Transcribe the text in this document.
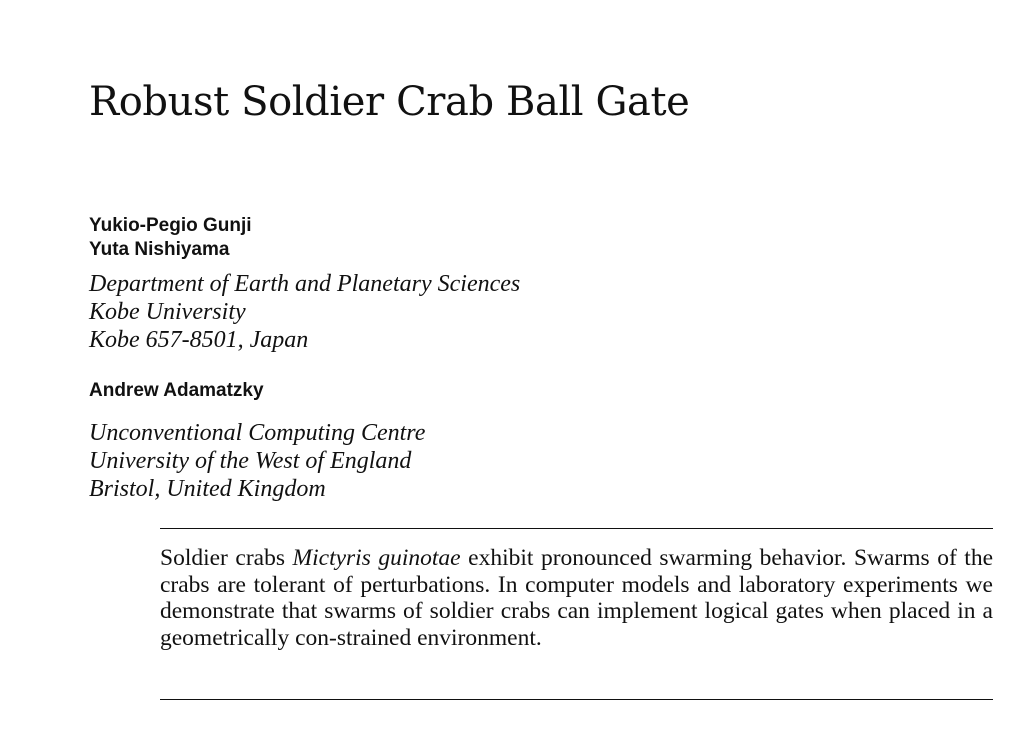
Robust Soldier Crab Ball Gate

Yukio-Pegio Gunji

Yuta Nishiyama

Department of Earth and Planetary Sciences
Kobe University
Kobe 657-8501, Japan

Andrew Adamatzky

Unconventional Computing Centre
University of the West of England
Bristol, United Kingdom

Soldier crabs Mictyris guinotae exhibit pronounced swarming behavior. Swarms of the crabs are tolerant of perturbations. In computer models and laboratory experiments we demonstrate that swarms of soldier crabs can implement logical gates when placed in a geometrically con-strained environment.
